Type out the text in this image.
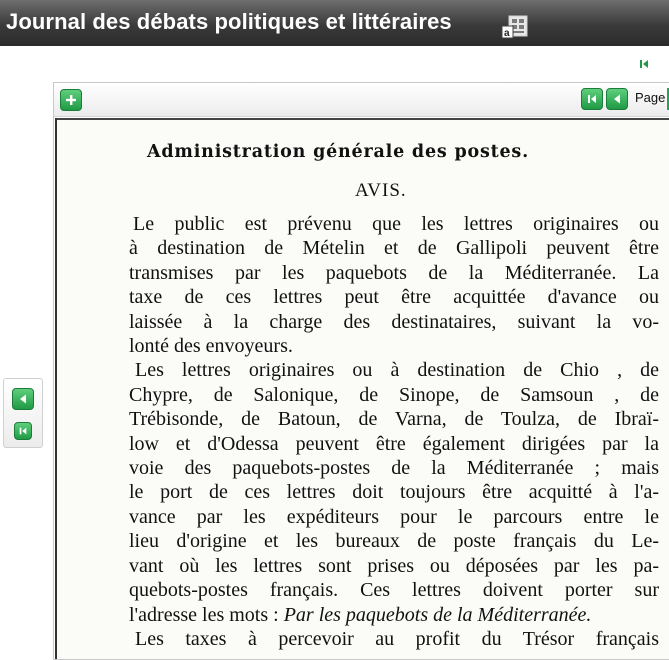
Journal des débats politiques et littéraires	a
Page
Administration générale des postes.
AVIS.
Le public est prévenu que les lettres originaires ou
à destination de Mételin et de Gallipoli peuvent être
transmises par les paquebots de la Méditerranée. La
taxe de ces lettres peut être acquittée d'avance ou
laissée à la charge des destinataires, suivant la vo-
lonté des envoyeurs.
Les lettres originaires ou à destination de Chio , de
Chypre, de Salonique, de Sinope, de Samsoun , de
Trébisonde, de Batoun, de Varna, de Toulza, de Ibraï-
low et d'Odessa peuvent être également dirigées par la
voie des paquebots-postes de la Méditerranée ; mais
le port de ces lettres doit toujours être acquitté à l'a-
vance par les expéditeurs pour le parcours entre le
lieu d'origine et les bureaux de poste français du Le-
vant où les lettres sont prises ou déposées par les pa-
quebots-postes français. Ces lettres doivent porter sur
l'adresse les mots : Par les paquebots de la Méditerranée.
Les taxes à percevoir au profit du Trésor français
